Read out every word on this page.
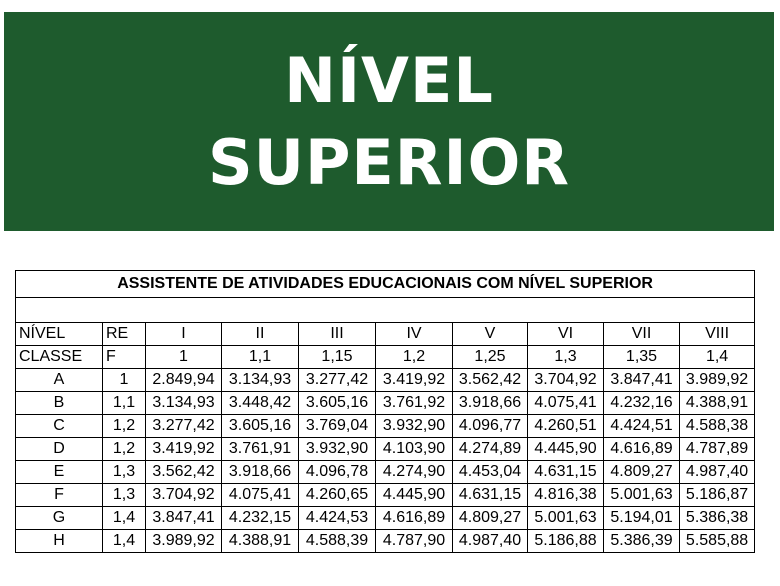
NÍVEL
SUPERIOR
ASSISTENTE DE ATIVIDADES EDUCACIONAIS COM NÍVEL SUPERIOR									

NÍVEL	RE	I	II	III	IV	V	VI	VII	VIII
CLASSE	F	1	1,1	1,15	1,2	1,25	1,3	1,35	1,4
A	1	2.849,94	3.134,93	3.277,42	3.419,92	3.562,42	3.704,92	3.847,41	3.989,92
B	1,1	3.134,93	3.448,42	3.605,16	3.761,92	3.918,66	4.075,41	4.232,16	4.388,91
C	1,2	3.277,42	3.605,16	3.769,04	3.932,90	4.096,77	4.260,51	4.424,51	4.588,38
D	1,2	3.419,92	3.761,91	3.932,90	4.103,90	4.274,89	4.445,90	4.616,89	4.787,89
E	1,3	3.562,42	3.918,66	4.096,78	4.274,90	4.453,04	4.631,15	4.809,27	4.987,40
F	1,3	3.704,92	4.075,41	4.260,65	4.445,90	4.631,15	4.816,38	5.001,63	5.186,87
G	1,4	3.847,41	4.232,15	4.424,53	4.616,89	4.809,27	5.001,63	5.194,01	5.386,38
H	1,4	3.989,92	4.388,91	4.588,39	4.787,90	4.987,40	5.186,88	5.386,39	5.585,88
